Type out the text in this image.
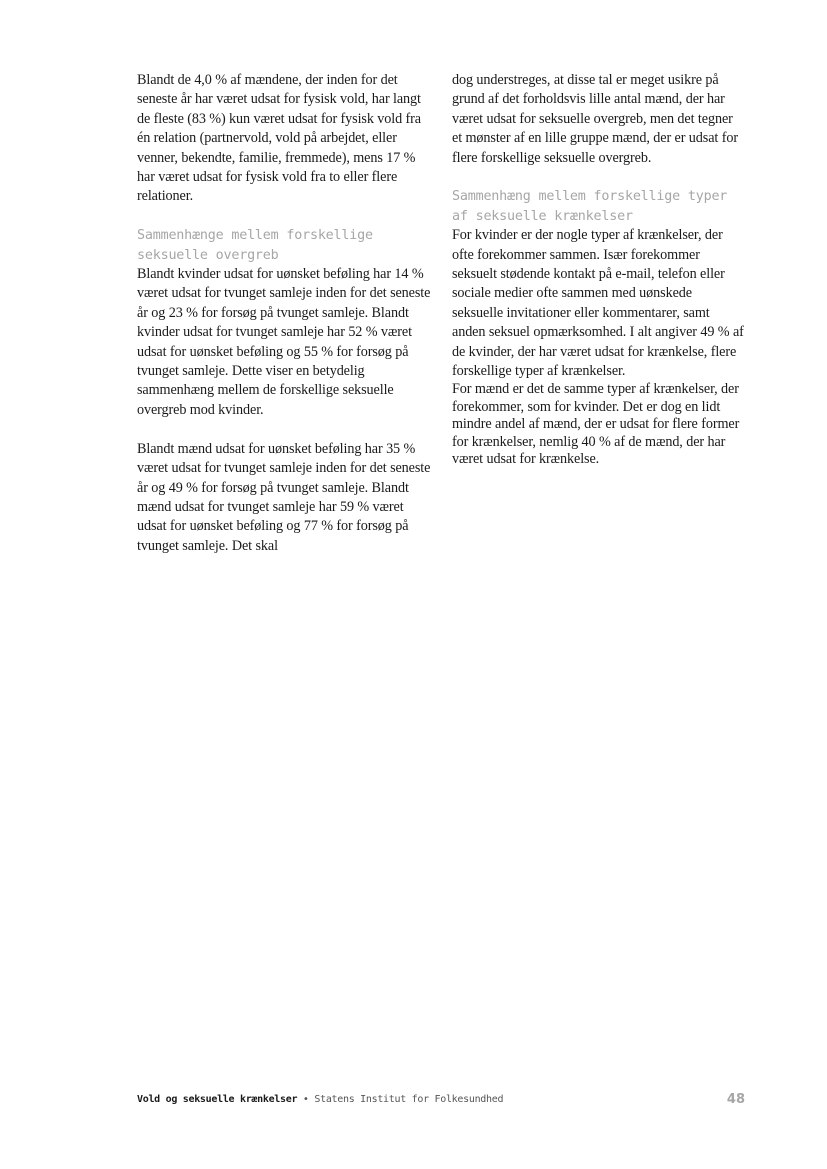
Blandt de 4,0 % af mændene, der inden for det seneste år har været udsat for fysisk vold, har langt de fleste (83 %) kun været udsat for fysisk vold fra én relation (partnervold, vold på arbejdet, eller venner, bekendte, familie, fremmede), mens 17 % har været udsat for fysisk vold fra to eller flere relationer.

Sammenhænge mellem forskellige seksuelle overgreb

Blandt kvinder udsat for uønsket beføling har 14 % været udsat for tvunget samleje inden for det seneste år og 23 % for forsøg på tvunget samleje. Blandt kvinder udsat for tvunget samleje har 52 % været udsat for uønsket beføling og 55 % for forsøg på tvunget samleje. Dette viser en betydelig sammenhæng mellem de forskellige seksuelle overgreb mod kvinder.

Blandt mænd udsat for uønsket beføling har 35 % været udsat for tvunget samleje inden for det seneste år og 49 % for forsøg på tvunget samleje. Blandt mænd udsat for tvunget samleje har 59 % været udsat for uønsket beføling og 77 % for forsøg på tvunget samleje. Det skal

dog understreges, at disse tal er meget usikre på grund af det forholdsvis lille antal mænd, der har været udsat for seksuelle overgreb, men det tegner et mønster af en lille gruppe mænd, der er udsat for flere forskellige seksuelle overgreb.

Sammenhæng mellem forskellige typer af seksuelle krænkelser

For kvinder er der nogle typer af krænkelser, der ofte forekommer sammen. Især forekommer seksuelt stødende kontakt på e-mail, telefon eller sociale medier ofte sammen med uønskede seksuelle invitationer eller kommentarer, samt anden seksuel opmærksomhed. I alt angiver 49 % af de kvinder, der har været udsat for krænkelse, flere forskellige typer af krænkelser.

For mænd er det de samme typer af krænkelser, der forekommer, som for kvinder. Det er dog en lidt mindre andel af mænd, der er udsat for flere former for krænkelser, nemlig 40 % af de mænd, der har været udsat for krænkelse.

Vold og seksuelle krænkelser • Statens Institut for Folkesundhed	48
